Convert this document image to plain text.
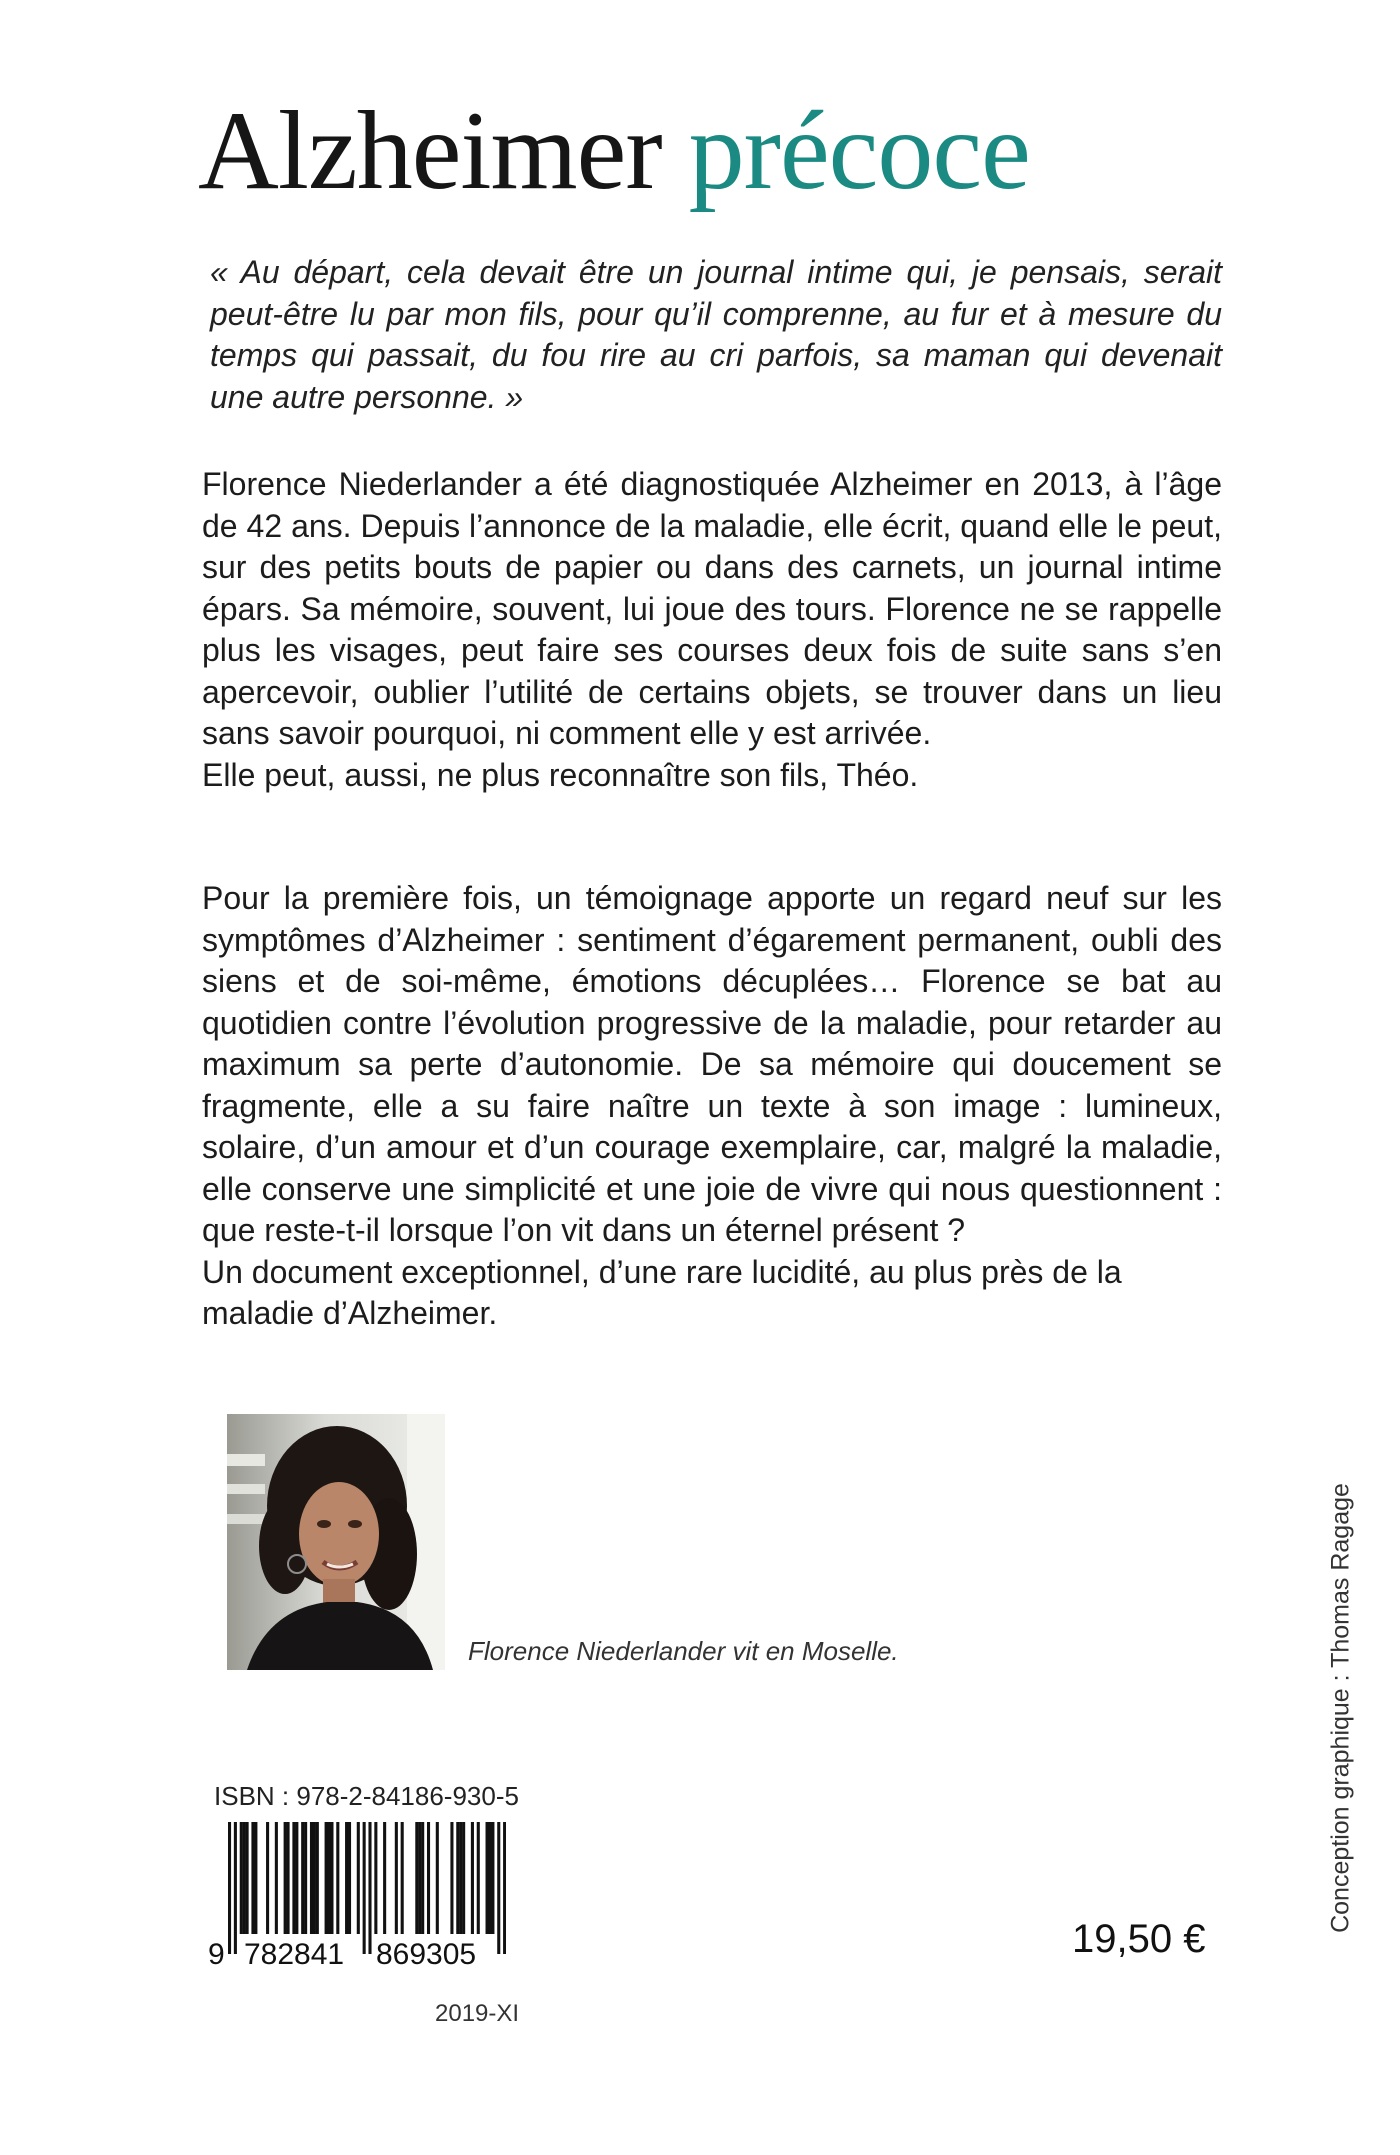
Alzheimer précoce

« Au départ, cela devait être un journal intime qui, je pensais, serait peut-être lu par mon fils, pour qu’il comprenne, au fur et à mesure du temps qui passait, du fou rire au cri parfois, sa maman qui devenait une autre personne. »

Florence Niederlander a été diagnostiquée Alzheimer en 2013, à l’âge de 42 ans. Depuis l’annonce de la maladie, elle écrit, quand elle le peut, sur des petits bouts de papier ou dans des carnets, un journal intime épars. Sa mémoire, souvent, lui joue des tours. Florence ne se rappelle plus les visages, peut faire ses courses deux fois de suite sans s’en apercevoir, oublier l’utilité de certains objets, se trouver dans un lieu sans savoir pourquoi, ni comment elle y est arrivée.
Elle peut, aussi, ne plus reconnaître son fils, Théo.
Pour la première fois, un témoignage apporte un regard neuf sur les symptômes d’Alzheimer : sentiment d’égarement permanent, oubli des siens et de soi-même, émotions décuplées… Florence se bat au quotidien contre l’évolution progressive de la maladie, pour retarder au maximum sa perte d’autonomie. De sa mémoire qui doucement se fragmente, elle a su faire naître un texte à son image : lumineux, solaire, d’un amour et d’un courage exemplaire, car, malgré la maladie, elle conserve une simplicité et une joie de vivre qui nous questionnent : que reste-t-il lorsque l’on vit dans un éternel présent ?
Un document exceptionnel, d’une rare lucidité, au plus près de la maladie d’Alzheimer.

Florence Niederlander vit en Moselle.	Conception graphique : Thomas Ragage

ISBN : 978-2-84186-930-5

9 782841 869305
2019-XI
19,50 €
